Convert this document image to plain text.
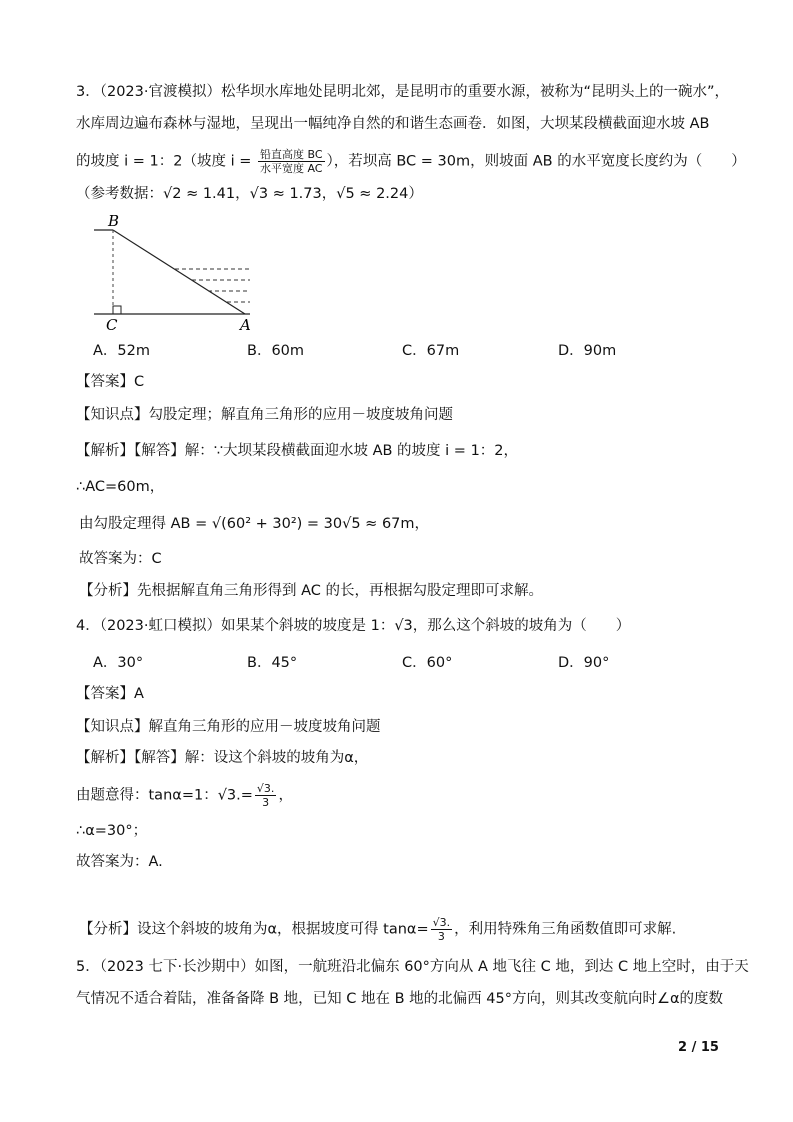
3．（2023·官渡模拟）松华坝水库地处昆明北郊，是昆明市的重要水源，被称为“昆明头上的一碗水”，
水库周边遍布森林与湿地，呈现出一幅纯净自然的和谐生态画卷．如图，大坝某段横截面迎水坡 AB
的坡度 i = 1：2（坡度 $i = \frac{\text{铅直高度 BC}}{\text{水平宽度 AC}}$ ），若坝高 BC = 30m，则坡面 AB 的水平宽度长度约为（　　）
（参考数据：√2 ≈ 1.41，√3 ≈ 1.73，√5 ≈ 2.24）
B
C	A
A．52m	B．60m	C．67m	D．90m
【答案】C
【知识点】勾股定理；解直角三角形的应用－坡度坡角问题
【解析】【解答】解：∵大坝某段横截面迎水坡 AB 的坡度 i = 1：2，
∴AC=60m，
由勾股定理得 AB = √(60² + 30²) = 30√5 ≈ 67m，
故答案为：C
【分析】先根据解直角三角形得到 AC 的长，再根据勾股定理即可求解。
4．（2023·虹口模拟）如果某个斜坡的坡度是 1：√3，那么这个斜坡的坡角为（　　）
A．30°	B．45°	C．60°	D．90°
【答案】A
【知识点】解直角三角形的应用－坡度坡角问题
【解析】【解答】解：设这个斜坡的坡角为α，
由题意得：tanα=1：$√3.= \frac{√3.}{3}$ ，
∴α=30°；
故答案为：A.
【分析】设这个斜坡的坡角为α，根据坡度可得 $\tan\alpha= \frac{√3.}{3}$ ，利用特殊角三角函数值即可求解.
5．（2023 七下·长沙期中）如图，一航班沿北偏东 60°方向从 A 地飞往 C 地，到达 C 地上空时，由于天
气情况不适合着陆，准备备降 B 地，已知 C 地在 B 地的北偏西 45°方向，则其改变航向时∠α的度数
2 / 15
